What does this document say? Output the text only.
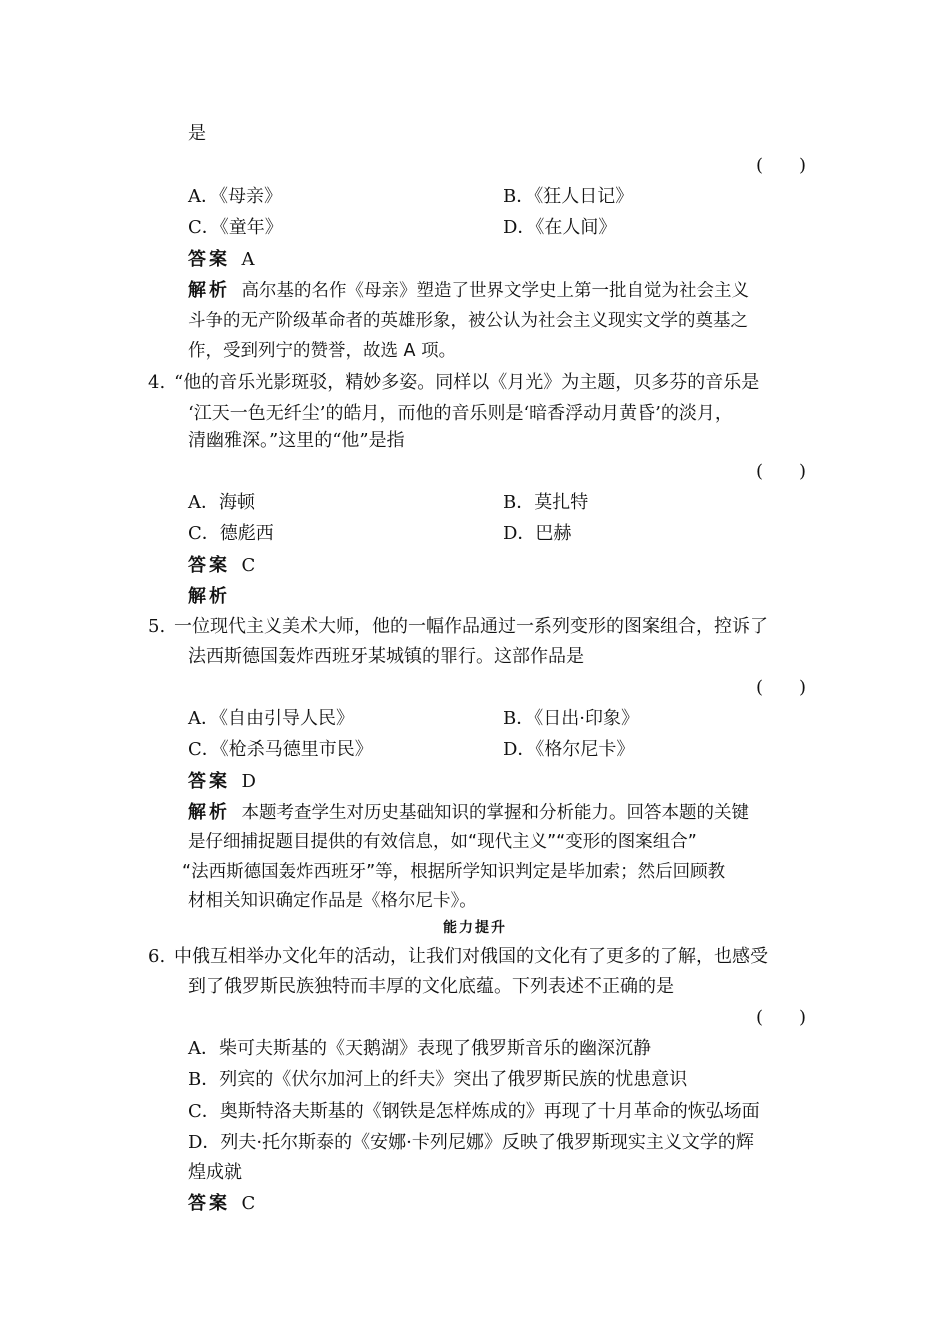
是
(　　)
A．《母亲》	B．《狂人日记》
C．《童年》	D．《在人间》
答案 A
解析 高尔基的名作《母亲》塑造了世界文学史上第一批自觉为社会主义
斗争的无产阶级革命者的英雄形象，被公认为社会主义现实文学的奠基之
作，受到列宁的赞誉，故选 A 项。
4. “他的音乐光影斑驳，精妙多姿。同样以《月光》为主题，贝多芬的音乐是
‘江天一色无纤尘’的皓月，而他的音乐则是‘暗香浮动月黄昏’的淡月，
清幽雅深。”这里的“他”是指
(　　)
A．海顿	B．莫扎特
C．德彪西	D．巴赫
答案 C
解析
5. 一位现代主义美术大师，他的一幅作品通过一系列变形的图案组合，控诉了
法西斯德国轰炸西班牙某城镇的罪行。这部作品是
(　　)
A．《自由引导人民》	B．《日出·印象》
C．《枪杀马德里市民》	D．《格尔尼卡》
答案 D
解析 本题考查学生对历史基础知识的掌握和分析能力。回答本题的关键
是仔细捕捉题目提供的有效信息，如“现代主义”“变形的图案组合”
“法西斯德国轰炸西班牙”等，根据所学知识判定是毕加索；然后回顾教
材相关知识确定作品是《格尔尼卡》。
能力提升
6. 中俄互相举办文化年的活动，让我们对俄国的文化有了更多的了解，也感受
到了俄罗斯民族独特而丰厚的文化底蕴。下列表述不正确的是
(　　)
A．柴可夫斯基的《天鹅湖》表现了俄罗斯音乐的幽深沉静
B．列宾的《伏尔加河上的纤夫》突出了俄罗斯民族的忧患意识
C．奥斯特洛夫斯基的《钢铁是怎样炼成的》再现了十月革命的恢弘场面
D．列夫·托尔斯泰的《安娜·卡列尼娜》反映了俄罗斯现实主义文学的辉
煌成就
答案 C
